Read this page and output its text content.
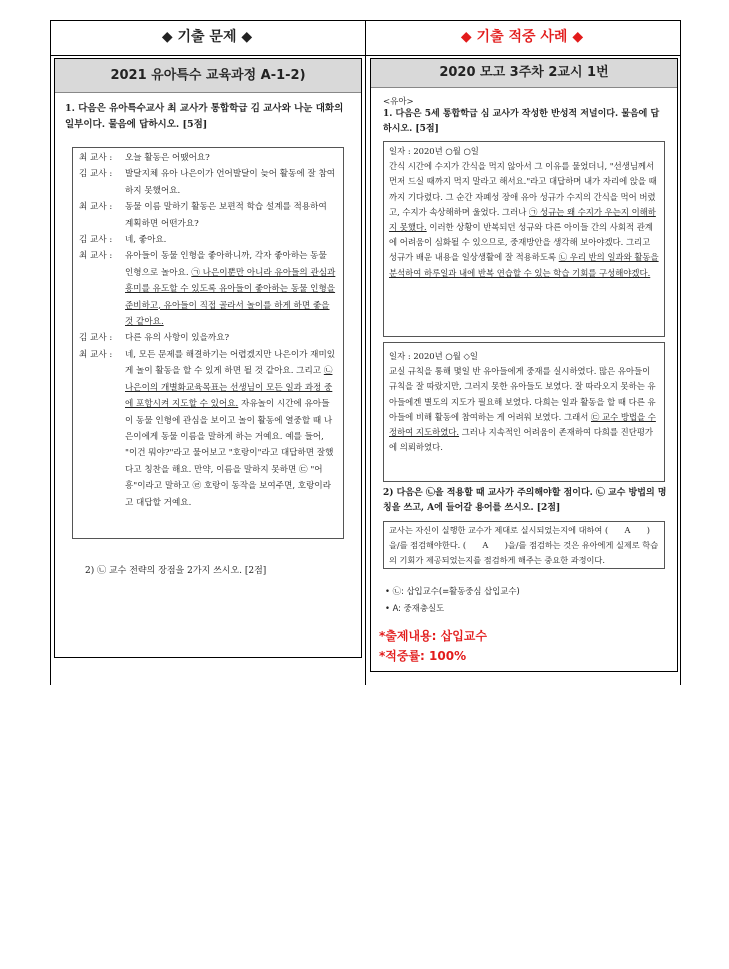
◆ 기출 문제 ◆	◆ 기출 적중 사례 ◆
2021 유아특수 교육과정 A-1-2)
1. 다음은 유아특수교사 최 교사가 통합학급 김 교사와 나눈 대화의 일부이다. 물음에 답하시오. [5점]
최 교사 :	오늘 활동은 어땠어요?
김 교사 :	발달지체 유아 나은이가 언어발달이 늦어 활동에 잘 참여하지 못했어요.
최 교사 :	동물 이름 말하기 활동은 보편적 학습 설계를 적용하여 계획하면 어떤가요?
김 교사 :	네, 좋아요.
최 교사 :	유아들이 동물 인형을 좋아하니까, 각자 좋아하는 동물 인형으로 놀아요. ㉠ 나은이뿐만 아니라 유아들의 관심과 흥미를 유도할 수 있도록 유아들이 좋아하는 동물 인형을 준비하고, 유아들이 직접 골라서 놀이를 하게 하면 좋을 것 같아요.
김 교사 :	다른 유의 사항이 있을까요?
최 교사 :	네, 모든 문제를 해결하기는 어렵겠지만 나은이가 재미있게 놀이 활동을 할 수 있게 하면 될 것 같아요. 그리고 ㉡ 나은이의 개별화교육목표는 선생님이 모든 일과 과정 중에 포함시켜 지도할 수 있어요. 자유놀이 시간에 유아들이 동물 인형에 관심을 보이고 놀이 활동에 열중할 때 나은이에게 동물 이름을 말하게 하는 거예요. 예를 들어, "이건 뭐야?"라고 물어보고 "호랑이"라고 대답하면 잘했다고 칭찬을 해요. 만약, 이름을 말하지 못하면 ㉢ "어흥"이라고 말하고 ㉣ 호랑이 동작을 보여주면, 호랑이라고 대답할 거예요.
2) ㉡ 교수 전략의 장점을 2가지 쓰시오. [2점]
2020 모고 3주차 2교시 1번
<유아>
1. 다음은 5세 통합학급 심 교사가 작성한 반성적 저널이다. 물음에 답하시오. [5점]
일자 : 2020년 ○월 ○일
간식 시간에 수지가 간식을 먹지 않아서 그 이유를 물었더니, "선생님께서 먼저 드실 때까지 먹지 말라고 해서요."라고 대답하며 내가 자리에 앉을 때까지 기다렸다. 그 순간 자폐성 장애 유아 성규가 수지의 간식을 먹어 버렸고, 수지가 속상해하며 울었다. 그러나 ㉠ 성규는 왜 수지가 우는지 이해하지 못했다. 이러한 상황이 반복되던 성규와 다른 아이들 간의 사회적 관계에 어려움이 심화될 수 있으므로, 중재방안을 생각해 보아야겠다. 그리고 성규가 배운 내용을 일상생활에 잘 적용하도록 ㉡ 우리 반의 일과와 활동을 분석하여 하루일과 내에 반복 연습할 수 있는 학습 기회를 구성해야겠다.
일자 : 2020년 ○월 ◇일
교실 규칙을 통해 몇일 반 유아들에게 중재를 실시하였다. 많은 유아들이 규칙을 잘 따랐지만, 그러지 못한 유아들도 보였다. 잘 따라오지 못하는 유아들에겐 별도의 지도가 필요해 보였다. 다희는 일과 활동을 할 때 다른 유아들에 비해 활동에 참여하는 게 어려워 보였다. 그래서 ㉢ 교수 방법을 수정하여 지도하였다. 그러나 지속적인 어려움이 존재하여 다희를 진단평가에 의뢰하였다.
2) 다음은 ㉡을 적용할 때 교사가 주의해야할 점이다. ㉡ 교수 방법의 명칭을 쓰고, A에 들어갈 용어를 쓰시오. [2점]
교사는 자신이 실행한 교수가 제대로 실시되었는지에 대하여 (　　A　　)을/를 점검해야한다. (　　A　　)을/를 점검하는 것은 유아에게 실제로 학습의 기회가 제공되었는지를 점검하게 해주는 중요한 과정이다.
• ㉡: 삽입교수(=활동중심 삽입교수)
• A: 중재충실도
*출제내용: 삽입교수
*적중률: 100%
